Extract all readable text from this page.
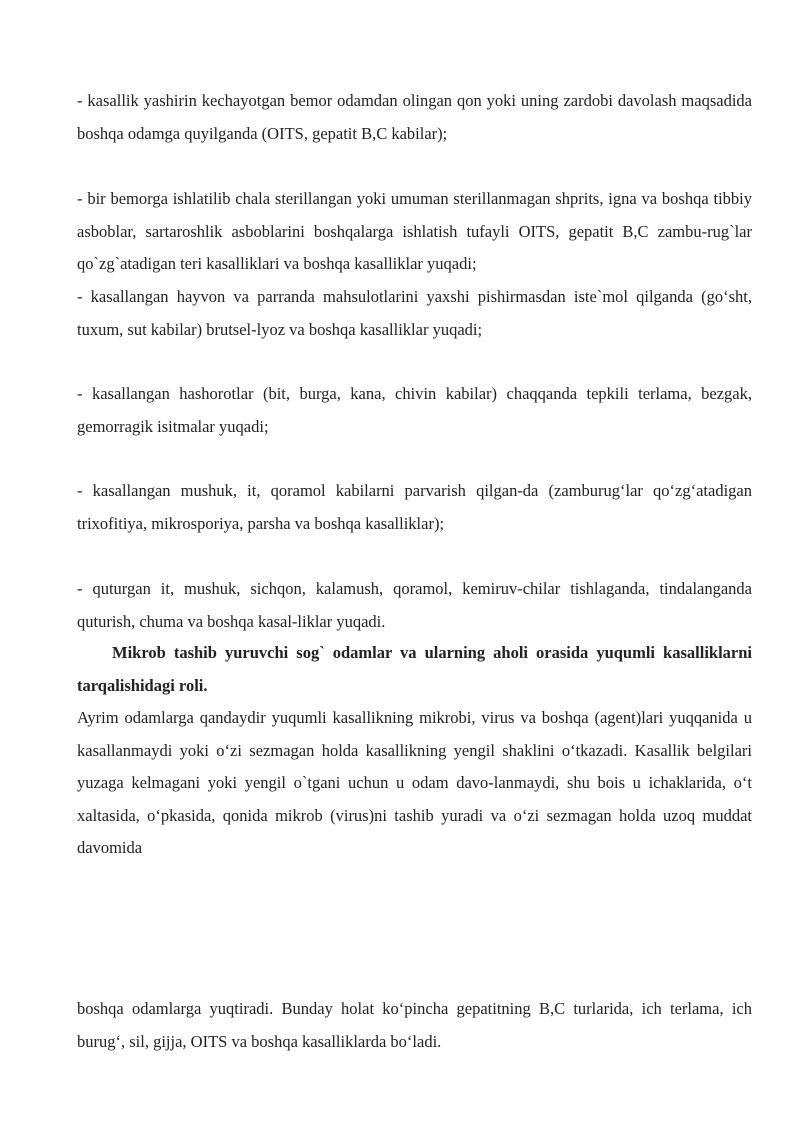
- kasallik yashirin kechayotgan bemor odamdan olingan qon yoki uning zardobi davolash maqsadida boshqa odamga quyilganda (OITS, gepatit B,C kabilar);

- bir bemorga ishlatilib chala sterillangan yoki umuman sterillanmagan shprits, igna va boshqa tibbiy asboblar, sartaroshlik asboblarini boshqalarga ishlatish tufayli OITS, gepatit B,C zambu-rug`lar qo`zg`atadigan teri kasalliklari va boshqa kasalliklar yuqadi;

- kasallangan hayvon va parranda mahsulotlarini yaxshi pishirmasdan iste`mol qilganda (go‘sht, tuxum, sut kabilar) brutsel-lyoz va boshqa kasalliklar yuqadi;

- kasallangan hashorotlar (bit, burga, kana, chivin kabilar) chaqqanda tepkili terlama, bezgak, gemorragik isitmalar yuqadi;

- kasallangan mushuk, it, qoramol kabilarni parvarish qilgan-da (zamburug‘lar qo‘zg‘atadigan trixofitiya, mikrosporiya, parsha va boshqa kasalliklar);

- quturgan it, mushuk, sichqon, kalamush, qoramol, kemiruv-chilar tishlaganda, tindalanganda quturish, chuma va boshqa kasal-liklar yuqadi.

Mikrob tashib yuruvchi sog` odamlar va ularning aholi orasida yuqumli kasalliklarni tarqalishidagi roli.

Ayrim odamlarga qandaydir yuqumli kasallikning mikrobi, virus va boshqa (agent)lari yuqqanida u kasallanmaydi yoki o‘zi sezmagan holda kasallikning yengil shaklini o‘tkazadi. Kasallik belgilari yuzaga kelmagani yoki yengil o`tgani uchun u odam davo-lanmaydi, shu bois u ichaklarida, o‘t xaltasida, o‘pkasida, qonida mikrob (virus)ni tashib yuradi va o‘zi sezmagan holda uzoq muddat davomida

boshqa odamlarga yuqtiradi. Bunday holat ko‘pincha gepatitning B,C turlarida, ich terlama, ich burug‘, sil, gijja, OITS va boshqa kasalliklarda bo‘ladi.
